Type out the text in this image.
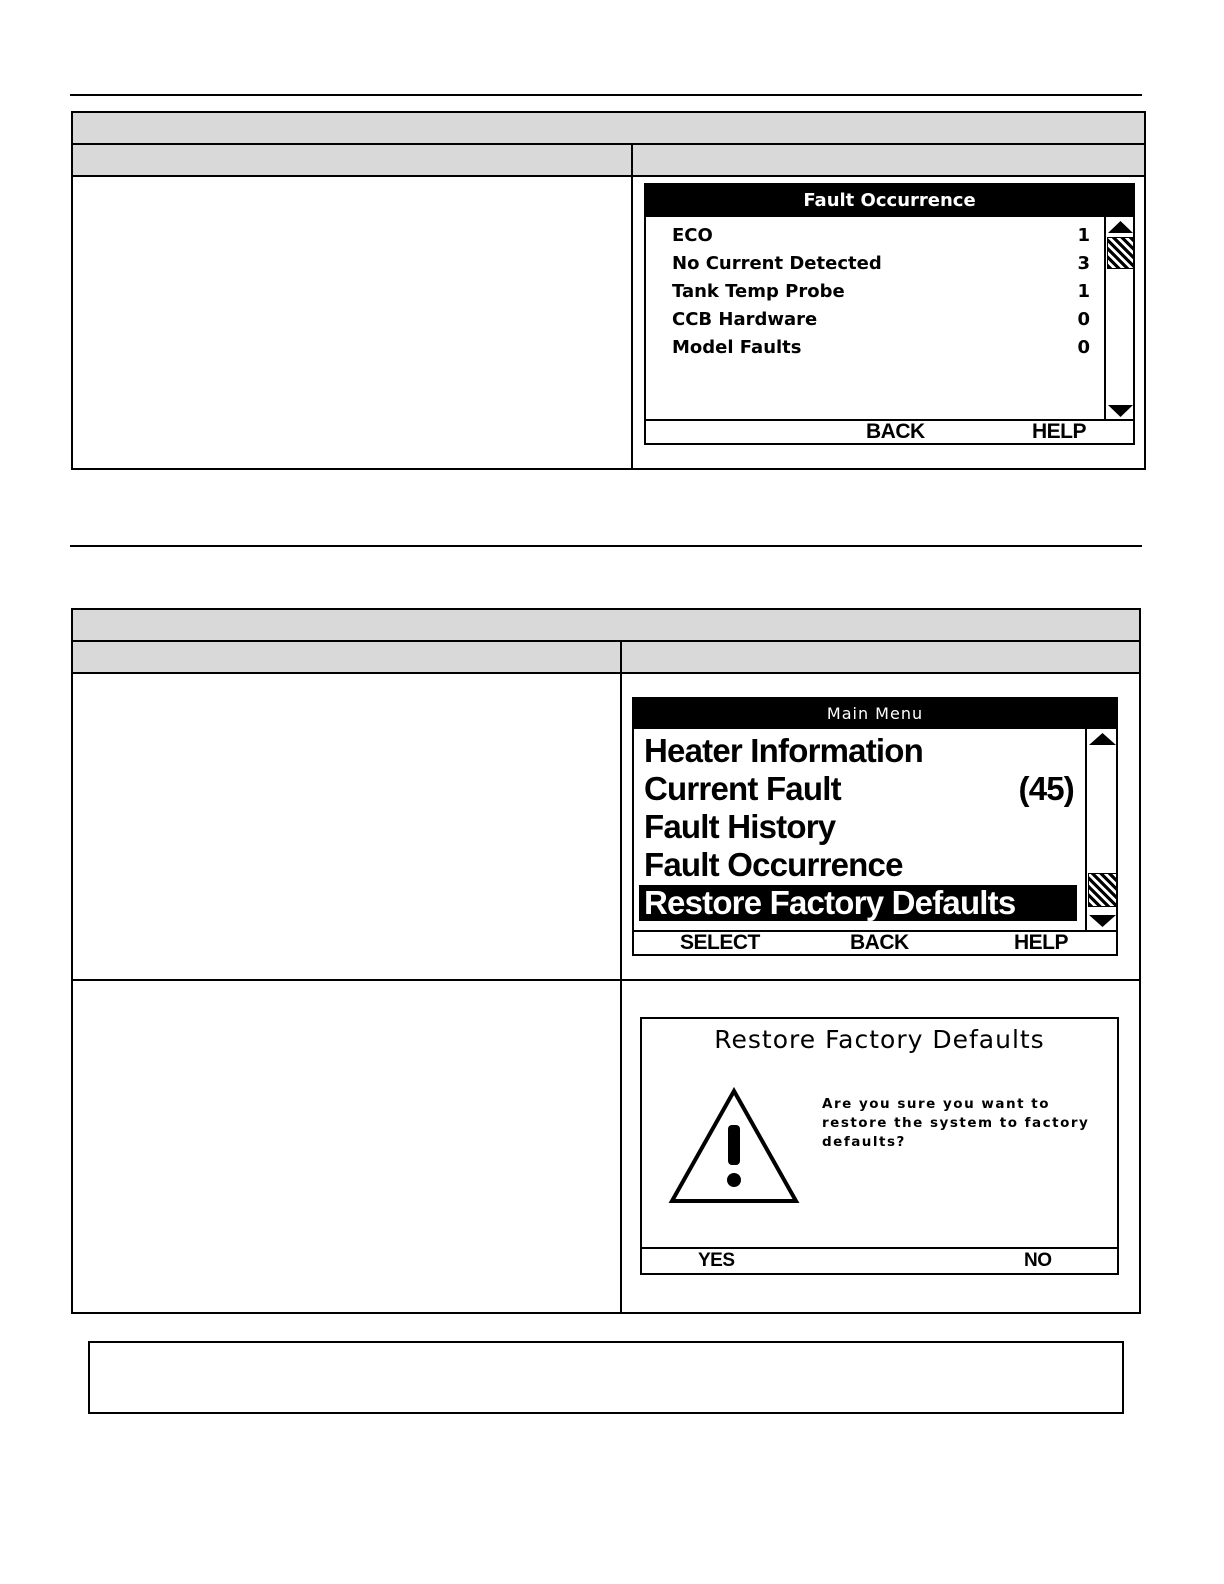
Fault Occurrence
ECO	1
No Current Detected	3
Tank Temp Probe	1
CCB Hardware	0
Model Faults	0
BACK	HELP
Main Menu
Heater Information
Current Fault	(45)
Fault History
Fault Occurrence
Restore Factory Defaults
SELECT	BACK	HELP
Restore Factory Defaults
Are you sure you want to restore the system to factory defaults?
YES	NO
